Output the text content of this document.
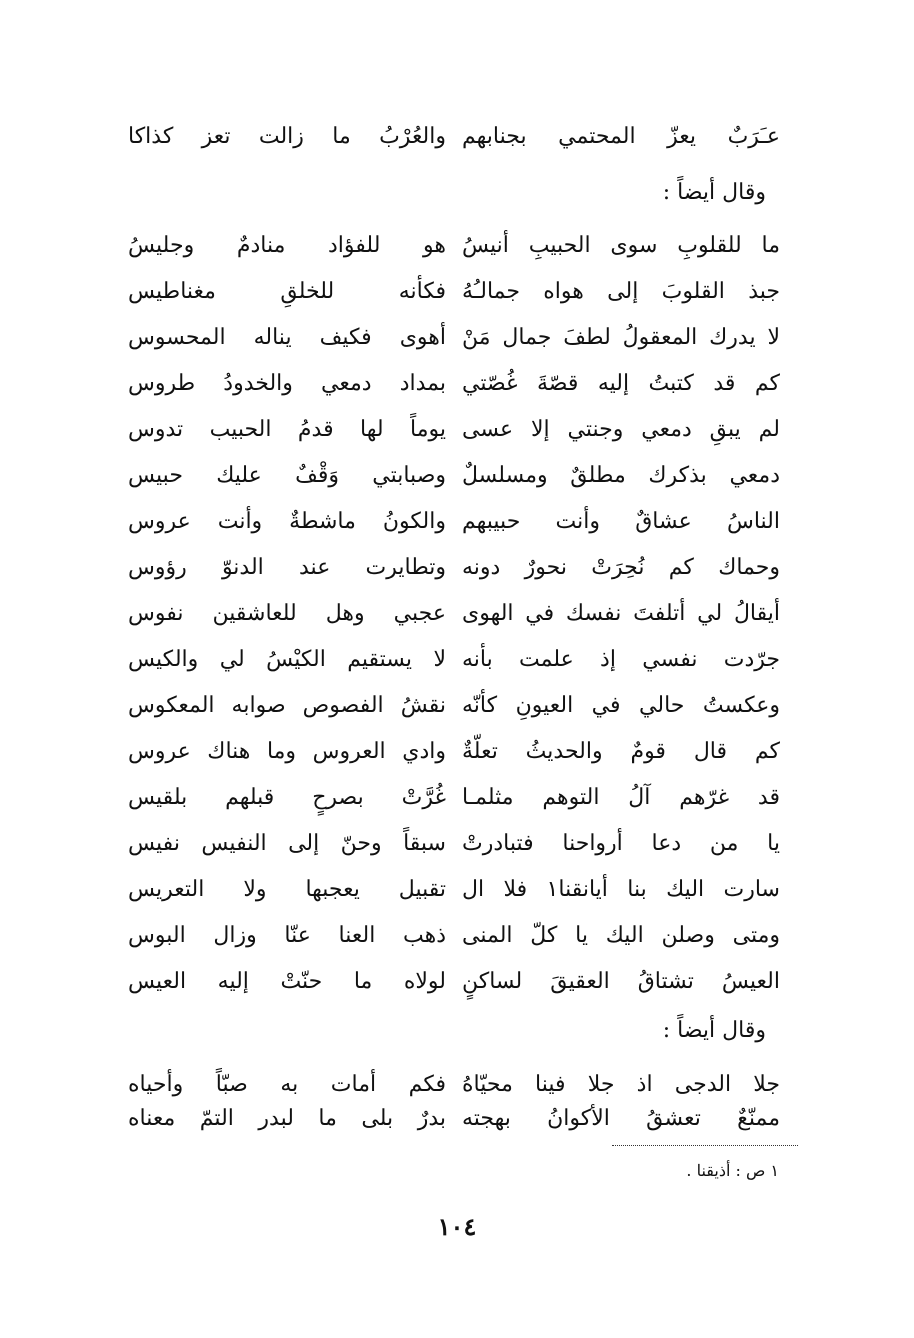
عـَرَبٌ يعزّ المحتمي بجنابهم
والعُرْبُ ما زالت تعز كذاكا
وقال أيضاً :
ما للقلوبِ سوى الحبيبِ أنيسُ
هو للفؤاد منادمٌ وجليسُ
جبذ القلوبَ إلى هواه جمالـُهُ
فكأنه للخلقِ مغناطيس
لا يدرك المعقولُ لطفَ جمال مَنْ
أهوى فكيف يناله المحسوس
كم قد كتبتُ إليه قصّةَ غُصّتي
بمداد دمعي والخدودُ طروس
لم يبقِ دمعي وجنتي إلا عسى
يوماً لها قدمُ الحبيب تدوس
دمعي بذكرك مطلقٌ ومسلسلٌ
وصبابتي وَقْفٌ عليك حبيس
الناسُ عشاقٌ وأنت حبيبهم
والكونُ ماشطةٌ وأنت عروس
وحماك كم نُحِرَتْ نحورٌ دونه
وتطايرت عند الدنوّ رؤوس
أيقالُ لي أتلفتَ نفسك في الهوى
عجبي وهل للعاشقين نفوس
جرّدت نفسي إذ علمت بأنه
لا يستقيم الكيْسُ لي والكيس
وعكستُ حالي في العيونِ كأنّه
نقشُ الفصوص صوابه المعكوس
كم قال قومٌ والحديثُ تعلّةٌ
وادي العروس وما هناك عروس
قد غرّهم آلُ التوهم مثلمـا
غُرَّتْ بصرحٍ قبلهم بلقيس
يا من دعا أرواحنا فتبادرتْ
سبقاً وحنّ إلى النفيس نفيس
سارت اليك بنا أيانقنا١ فلا ال
تقبيل يعجبها ولا التعريس
ومتى وصلن اليك يا كلّ المنى
ذهب العنا عنّا وزال البوس
العيسُ تشتاقُ العقيقَ لساكنٍ
لولاه ما حنّتْ إليه العيس
وقال أيضاً :
جلا الدجى اذ جلا فينا محيّاهُ
فكم أمات به صبّاً وأحياه
ممنّعٌ تعشقُ الأكوانُ بهجته
بدرٌ بلى ما لبدر التمّ معناه
١ ص : أذيقنا .
١٠٤
